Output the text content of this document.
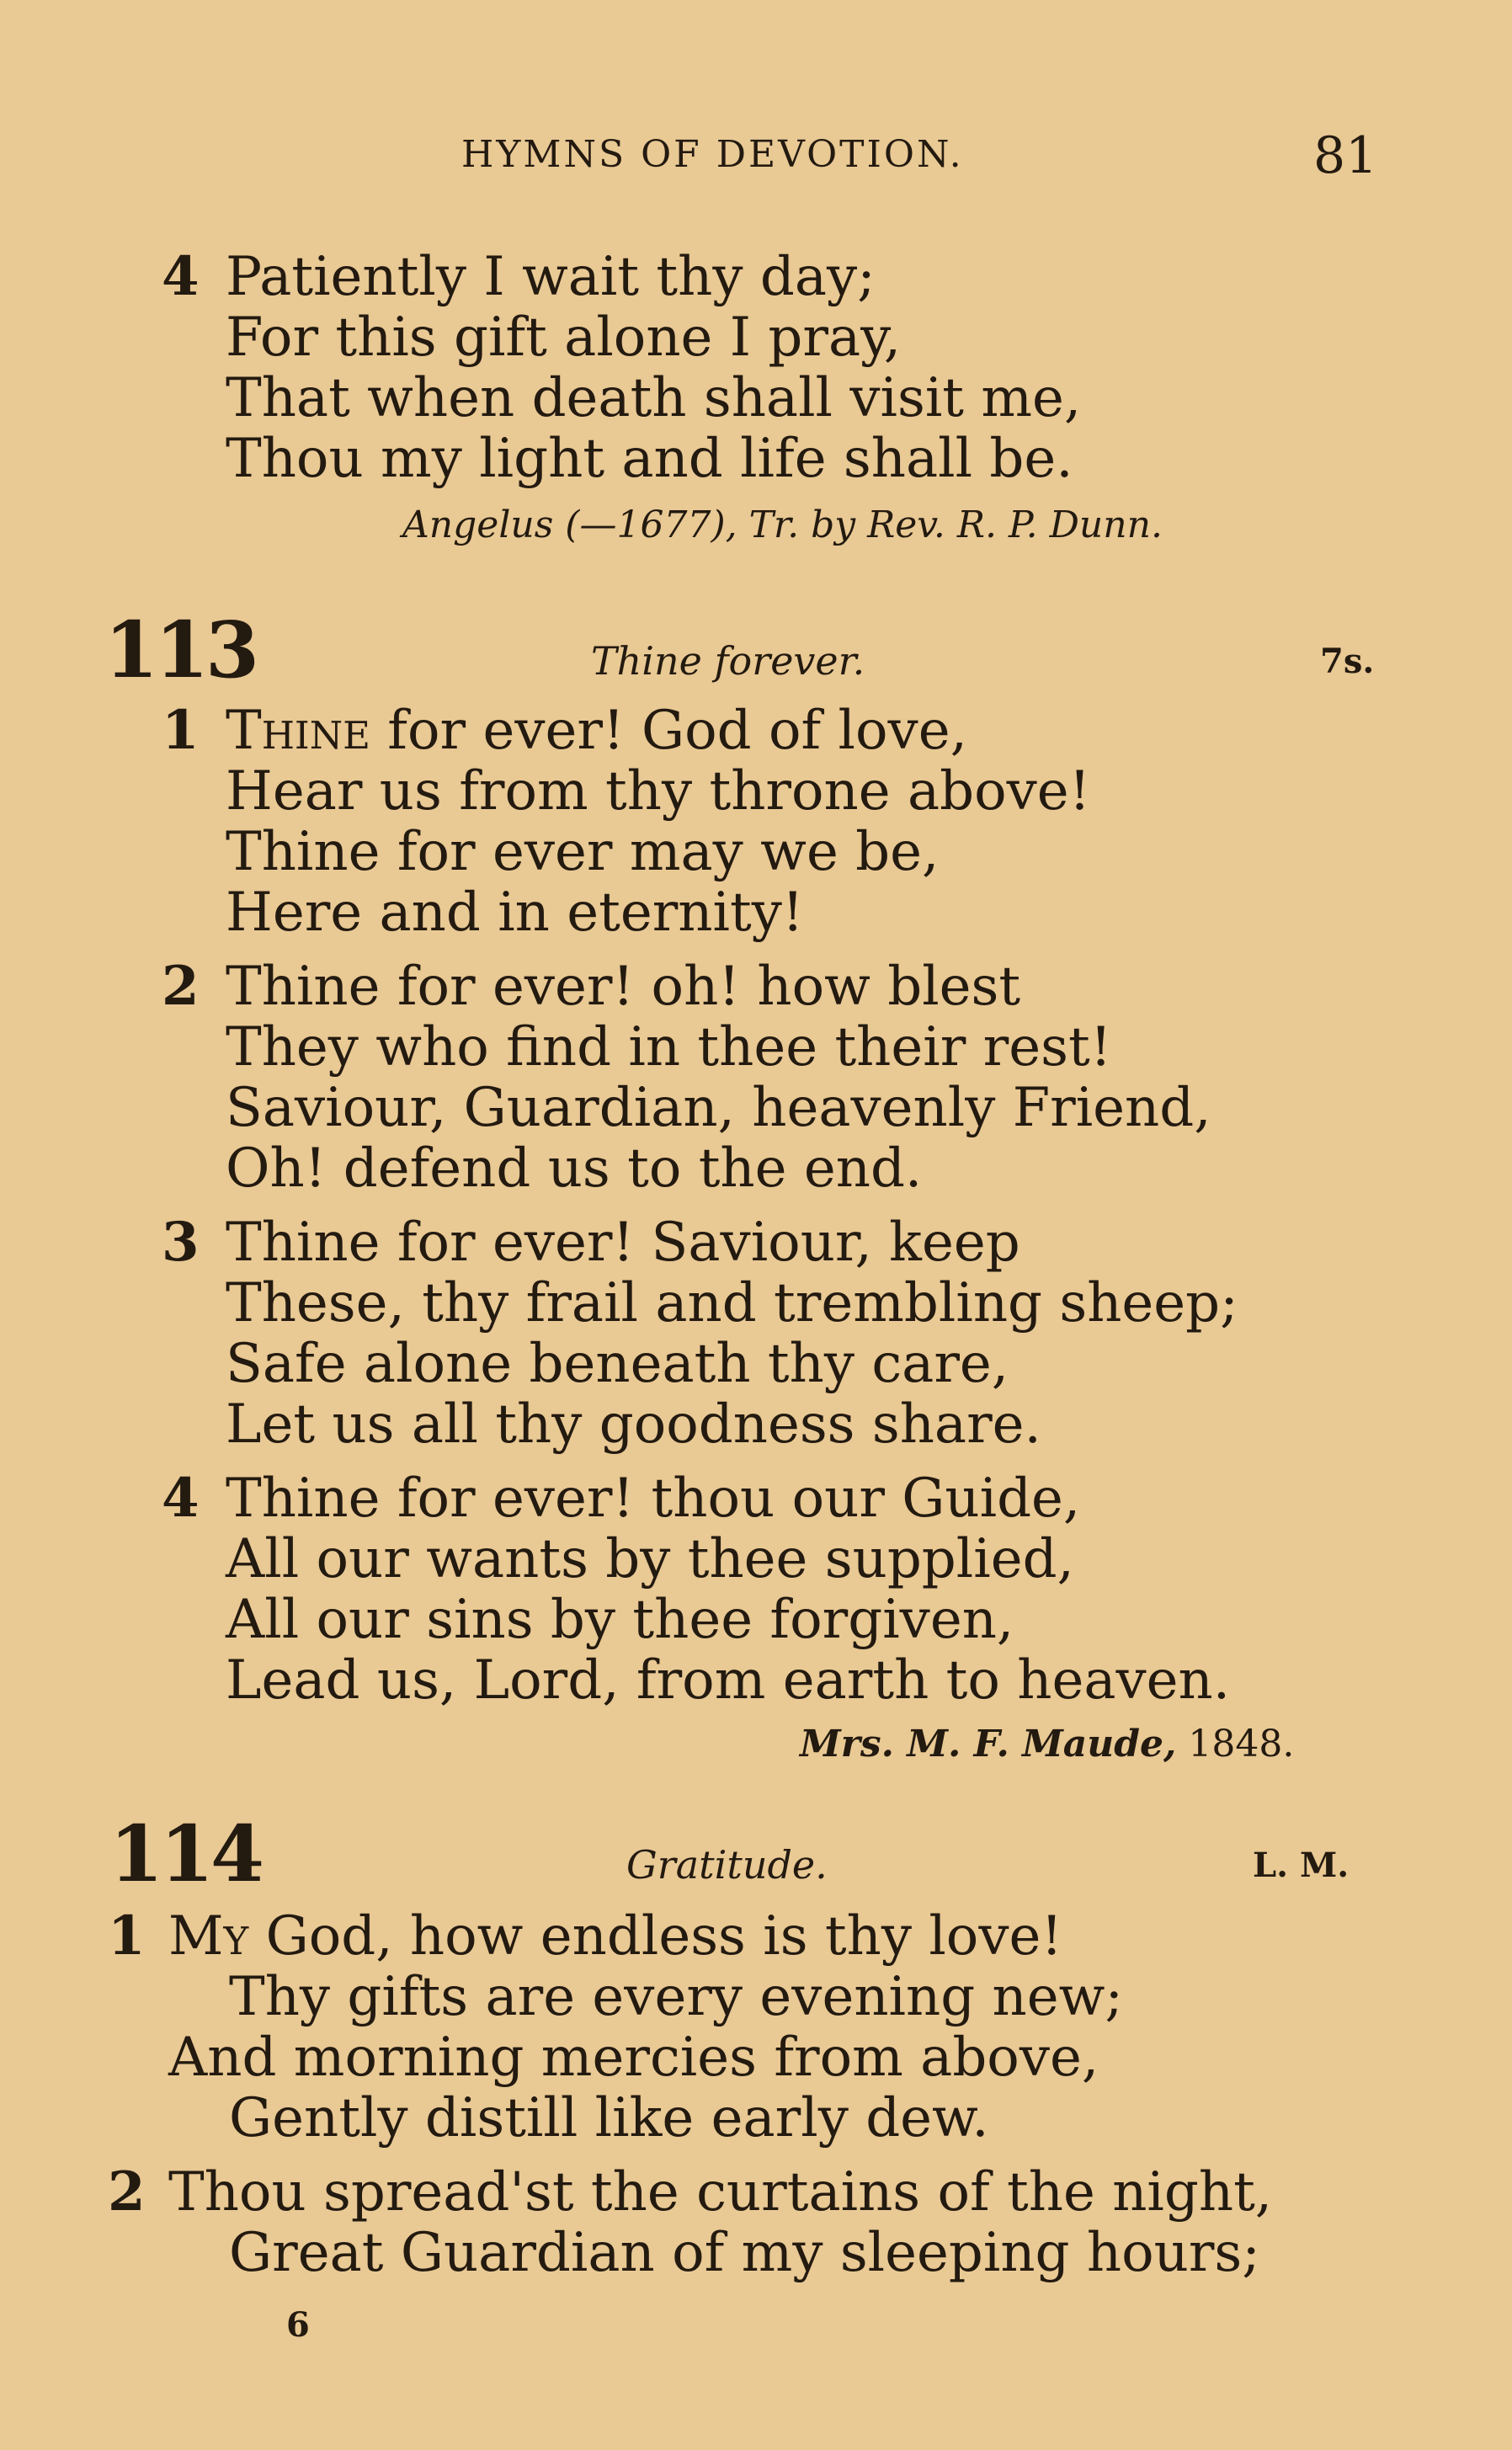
HYMNS OF DEVOTION.	81
4 Patiently I wait thy day;
For this gift alone I pray,
That when death shall visit me,
Thou my light and life shall be.
Angelus (—1677), Tr. by Rev. R. P. Dunn.
113	Thine forever.	7s.
1 Thine for ever! God of love,
Hear us from thy throne above!
Thine for ever may we be,
Here and in eternity!
2 Thine for ever! oh! how blest
They who find in thee their rest!
Saviour, Guardian, heavenly Friend,
Oh! defend us to the end.
3 Thine for ever! Saviour, keep
These, thy frail and trembling sheep;
Safe alone beneath thy care,
Let us all thy goodness share.
4 Thine for ever! thou our Guide,
All our wants by thee supplied,
All our sins by thee forgiven,
Lead us, Lord, from earth to heaven.
Mrs. M. F. Maude, 1848.
114	Gratitude.	L. M.
1 My God, how endless is thy love!
Thy gifts are every evening new;
And morning mercies from above,
Gently distill like early dew.
2 Thou spread'st the curtains of the night,
Great Guardian of my sleeping hours;
6
